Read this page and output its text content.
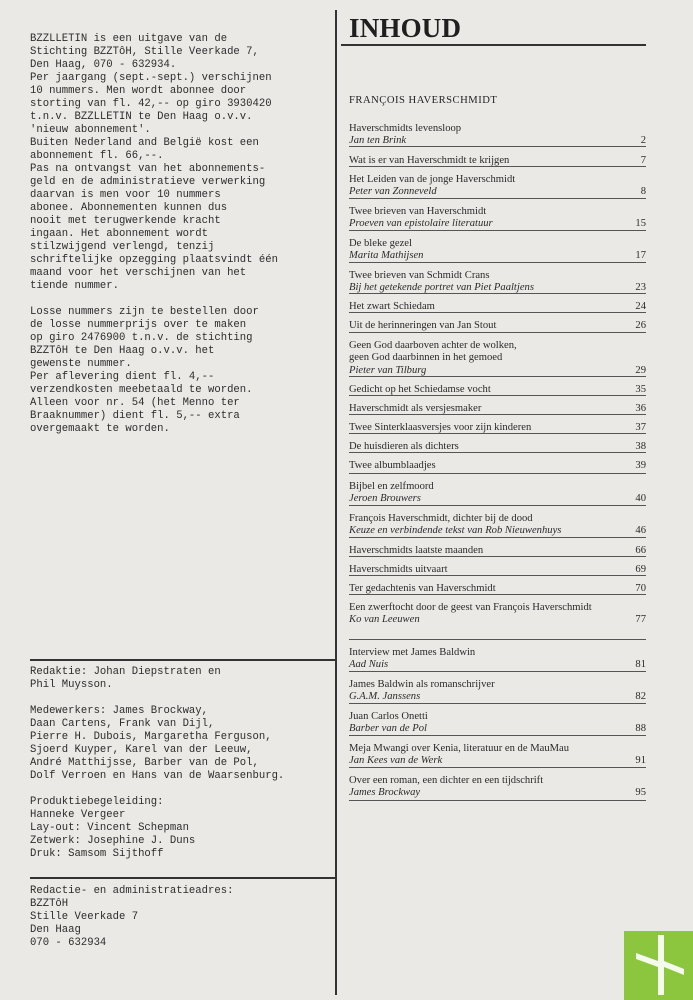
BZZLLETIN is een uitgave van de
Stichting BZZTôH, Stille Veerkade 7,
Den Haag, 070 - 632934.
Per jaargang (sept.-sept.) verschijnen
10 nummers. Men wordt abonnee door
storting van fl. 42,-- op giro 3930420
t.n.v. BZZLLETIN te Den Haag o.v.v.
'nieuw abonnement'.
Buiten Nederland and België kost een
abonnement fl. 66,--.
Pas na ontvangst van het abonnements-
geld en de administratieve verwerking
daarvan is men voor 10 nummers
abonee. Abonnementen kunnen dus
nooit met terugwerkende kracht
ingaan. Het abonnement wordt
stilzwijgend verlengd, tenzij
schriftelijke opzegging plaatsvindt één
maand voor het verschijnen van het
tiende nummer.
Losse nummers zijn te bestellen door
de losse nummerprijs over te maken
op giro 2476900 t.n.v. de stichting
BZZTôH te Den Haag o.v.v. het
gewenste nummer.
Per aflevering dient fl. 4,--
verzendkosten meebetaald te worden.
Alleen voor nr. 54 (het Menno ter
Braaknummer) dient fl. 5,-- extra
overgemaakt te worden.
Redaktie: Johan Diepstraten en
Phil Muysson.
Medewerkers: James Brockway,
Daan Cartens, Frank van Dijl,
Pierre H. Dubois, Margaretha Ferguson,
Sjoerd Kuyper, Karel van der Leeuw,
André Matthijsse, Barber van de Pol,
Dolf Verroen en Hans van de Waarsenburg.
Produktiebegeleiding:
Hanneke Vergeer
Lay-out: Vincent Schepman
Zetwerk: Josephine J. Duns
Druk: Samsom Sijthoff
Redactie- en administratieadres:
BZZTôH
Stille Veerkade 7
Den Haag
070 - 632934
INHOUD
FRANÇOIS HAVERSCHMIDT
Haverschmidts levensloop
Jan ten Brink	2
Wat is er van Haverschmidt te krijgen	7
Het Leiden van de jonge Haverschmidt
Peter van Zonneveld	8
Twee brieven van Haverschmidt
Proeven van epistolaire literatuur	15
De bleke gezel
Marita Mathijsen	17
Twee brieven van Schmidt Crans
Bij het getekende portret van Piet Paaltjens	23
Het zwart Schiedam	24
Uit de herinneringen van Jan Stout	26
Geen God daarboven achter de wolken,
geen God daarbinnen in het gemoed
Pieter van Tilburg	29
Gedicht op het Schiedamse vocht	35
Haverschmidt als versjesmaker	36
Twee Sinterklaasversjes voor zijn kinderen	37
De huisdieren als dichters	38
Twee albumblaadjes	39
Bijbel en zelfmoord
Jeroen Brouwers	40
François Haverschmidt, dichter bij de dood
Keuze en verbindende tekst van Rob Nieuwenhuys	46
Haverschmidts laatste maanden	66
Haverschmidts uitvaart	69
Ter gedachtenis van Haverschmidt	70
Een zwerftocht door de geest van François Haverschmidt
Ko van Leeuwen	77
Interview met James Baldwin
Aad Nuis	81
James Baldwin als romanschrijver
G.A.M. Janssens	82
Juan Carlos Onetti
Barber van de Pol	88
Meja Mwangi over Kenia, literatuur en de MauMau
Jan Kees van de Werk	91
Over een roman, een dichter en een tijdschrift
James Brockway	95
